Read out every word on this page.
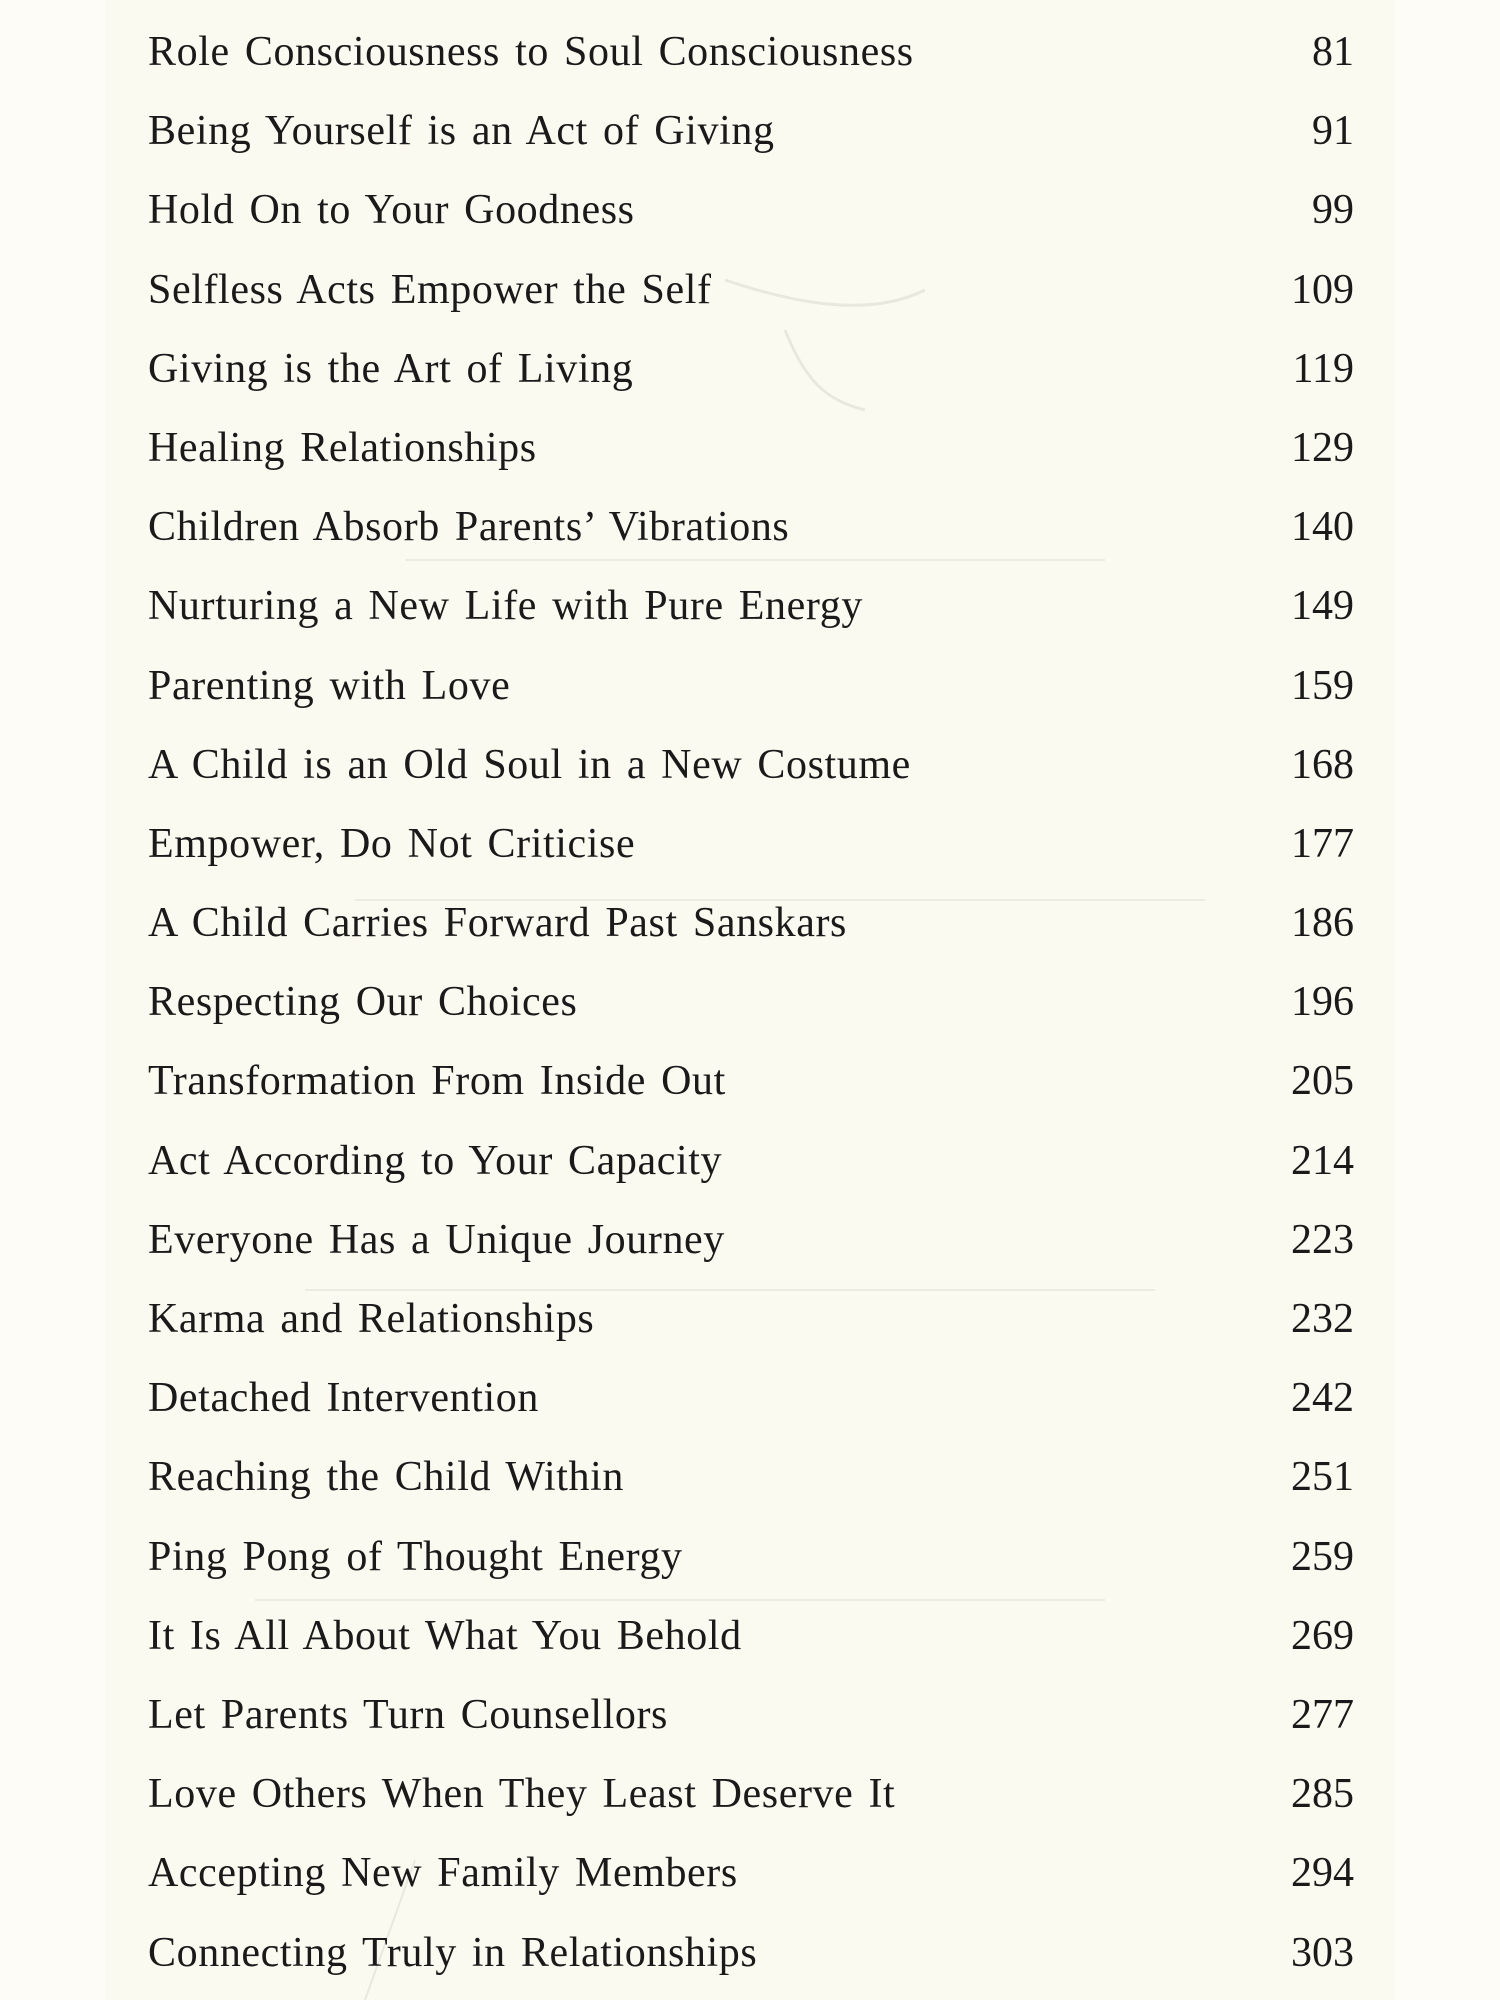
Role Consciousness to Soul Consciousness	81
Being Yourself is an Act of Giving	91
Hold On to Your Goodness	99
Selfless Acts Empower the Self	109
Giving is the Art of Living	119
Healing Relationships	129
Children Absorb Parents’ Vibrations	140
Nurturing a New Life with Pure Energy	149
Parenting with Love	159
A Child is an Old Soul in a New Costume	168
Empower, Do Not Criticise	177
A Child Carries Forward Past Sanskars	186
Respecting Our Choices	196
Transformation From Inside Out	205
Act According to Your Capacity	214
Everyone Has a Unique Journey	223
Karma and Relationships	232
Detached Intervention	242
Reaching the Child Within	251
Ping Pong of Thought Energy	259
It Is All About What You Behold	269
Let Parents Turn Counsellors	277
Love Others When They Least Deserve It	285
Accepting New Family Members	294
Connecting Truly in Relationships	303
